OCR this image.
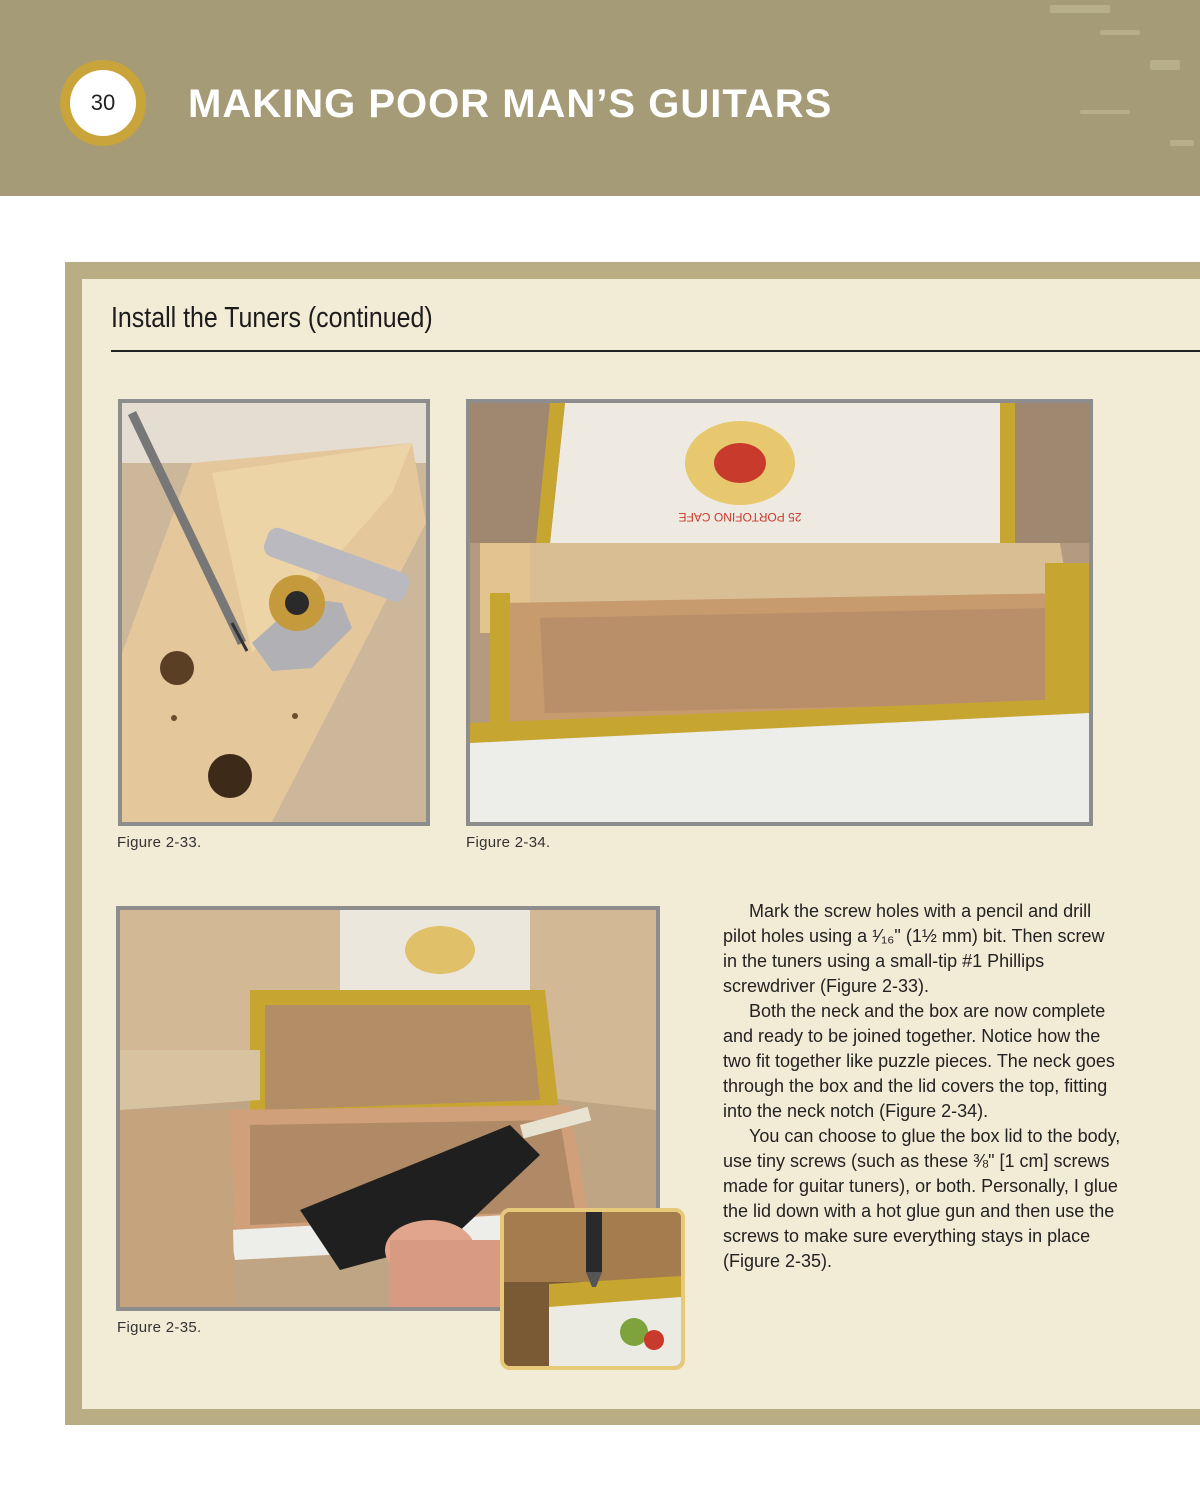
30	MAKING POOR MAN’S GUITARS
Install the Tuners (continued)
Figure 2-33.
25 PORTOFINO CAFE
Figure 2-34.
Figure 2-35.

Mark the screw holes with a pencil and drill pilot holes using a ¹⁄₁₆" (1½ mm) bit. Then screw in the tuners using a small-tip #1 Phillips screwdriver (Figure 2-33).

Both the neck and the box are now complete and ready to be joined together. Notice how the two fit together like puzzle pieces. The neck goes through the box and the lid covers the top, fitting into the neck notch (Figure 2-34).

You can choose to glue the box lid to the body, use tiny screws (such as these ⅜" [1 cm] screws made for guitar tuners), or both. Personally, I glue the lid down with a hot glue gun and then use the screws to make sure everything stays in place (Figure 2-35).
